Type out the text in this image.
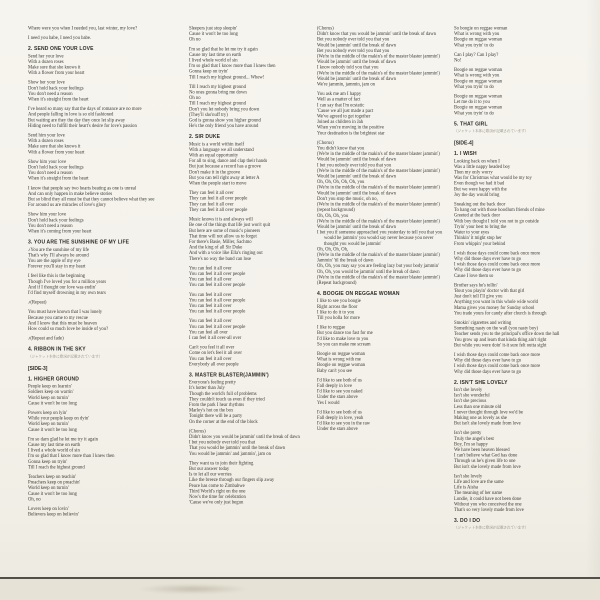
Where were you when I needed you, last winter, my love?
I need you babe, I need you babe.
2. SEND ONE YOUR LOVE
Send her your love
With a dozen roses
Make sure that she knows it
With a flower from your heart
Show her your love
Don't hold back your feelings
You don't need a reason
When it's straight from the heart
I've heard so many say that the days of romance are no more
And people falling in love is so old fashioned
But waiting are they the day they once let slip away
Hiding need to fulfill their heart's desire for love's passion
Send him your love
With a dozen roses
Make sure that she knows it
With a flower from your heart
Show him your love
Don't hold back your feelings
You don't need a reason
When it's straight from the heart
I know that people say two hearts beating as one is unreal
And can only happen in make believe stories
But so blind they all must be that they cannot believe what they see
For around us are miracles of love's glory
Show him your love
Don't hold back your feelings
You don't need a reason
When it's coming from your heart
3. YOU ARE THE SUNSHINE OF MY LIFE
♪You are the sunshine of my life
That's why I'll always be around
You are the apple of my eye
Forever you'll stay in my heart
I feel like this is the beginning
Though I've loved you for a million years
And if I thought our love was endin'
I'd find myself drowning in my own tears
♪(Repeat)
You must have known that I was lonely
Because you came to my rescue
And I know that this must be heaven
How could so much love be inside of you?
♪(Repeat and fade)
4. RIBBON IN THE SKY
（ジャケット本体に歌詞が記載されています）
[SIDE-3]
1. HIGHER GROUND
People keep on learnin'
Soldiers keep on warrin'
World keep on turnin'
Cause it won't be too long
Powers keep on lyin'
While your people keep on dyin'
World keep on turnin'
Cause it won't be too long
I'm so darn glad he let me try it again
Cause my last time on earth
I lived a whole world of sin
I'm so glad that I know more than I knew then
Gonna keep on tryin'
Till I reach the highest ground
Teachers keep on teachin'
Preachers keep on preachin'
World keep on turnin'
Cause it won't be too long
Oh, no
Lovers keep on lovin'
Believers keep on believin'
Sleepers just stop sleepin'
Cause it won't be too long
Oh no
I'm so glad that he let me try it again
Cause my last time on earth
I lived whole world of sin
I'm so glad that I know more than I knew then
Gonna keep on tryin'
Till I reach my highest ground... Whew!
Till I reach my highest ground
No ones gonna bring me down
Oh no
Till I reach my highest ground
Don't you let nobody bring you down
(They'll sho'nuff try)
God is gonna show you higher ground
He's the only friend you have around
2. SIR DUKE
Music is a world within itself
With a language we all understand
With an equal opportunity
For all to sing, dance and clap their hands
But just because a record has a groove
Don't make it in the groove
But you can tell right away at letter A
When the people start to move
They can feel it all over
They can feel it all over people
They can feel it all over
They can feel it all over people
Music knows it is and always will
Be one of the things that life just won't quit
But here are some of music's pioneers
That time will not allow us to forget
For there's Basie, Miller, Sachmo
And the king of all Sir Duke
And with a voice like Ella's ringing out
There's no way the band can lose
You can feel it all over
You can feel it all over people
You can feel it all over
You can feel it all over people
You can feel it all over
You can feel it all over people
You can feel it all over
You can feel it all over people
You can feel it all over
You can feel it all over people
You can feel all over
I can feel it all over-all over
Can't you feel it all over
Come on let's feel it all over
You can feel it all over
Everybody all over people
3. MASTER BLASTER(JAMMIN')
Everyone's feeling pretty
It's hotter than July
Though the world's full of problems
They couldn't touch us even if they tried
From the park I hear rhythms
Marley's hot on the box
Tonight there will be a party
On the corner at the end of the block
(Chorus)
Didn't know you would be jammin' until the break of dawn
I bet you nobody ever told you that
That you would be jammin' until the break of dawn
You would be jammin' and jammin', jam on
They want us to join their fighting
But our answer today
Is to let all our worries
Like the breeze through our fingers slip away
Peace has come to Zimbabwe
Third World's right on the one
Now's the time for celebration
'Cause we've only just begun
(Chorus)
Didn't know that you would be jammin' until the break of dawn
Bet you nobody ever told you that you
Would be jammin' until the break of dawn
Bet you nobody ever told you that you
(We're in the middle of the makin's of the master blaster jammin')
Would be jammin' until the break of dawn
I know nobody told you that you
(We're in the middle of the makin's of the master blaster jammin')
Would be jammin' until the break of dawn
We're jammin, jammin, jam on
You ask me am I happy
Well as a matter of fact
I can say that I'm ecstatic
'Cause we all just made a pact
We've agreed to get together
Joined as children in Jah
When you're moving in the positive
Your destination is the brightest star
(Chorus)
You didn't know that you
(We're in the middle of the makin's of the master blaster jammin')
Would be jammin' until the break of dawn
I bet you nobody ever told you that you
(We're in the middle of the makin's of the master blaster jammin')
Would be jammin' until the break of dawn
Oh, Oh, Oh, Oh, Oh, you
(We're in the middle of the makin's of the master blaster jammin')
Would be jammin' until the break of dawn
Don't you stop the music, oh no,
(We're in the middle of the makin's of the master blaster jammin')
(repeat background)
Oh, Oh, Oh, you
(We're in the middle of the makin's of the master blaster jammin')
Would be jammin' until the break of dawn
I bet you if someone approached you yesterday to tell you that you would be jammin' you would say never because you never thought you would be jammin'
Oh, Oh, Oh, Oh,
(We're in the middle of the makin's of the master blaster jammin')
Jammin' 'til the break of dawn
Oh, Oh, you may say you are feeling lazy but your body jammin'
Oh, Oh, you would be jammin' until the break of dawn
(We're in the middle of the makin's of the master blaster jammin')
(Repeat background)
4. BOOGIE ON REGGAE WOMAN
I like to see you boogie
Right across the floor
I like to do it to you
Till you holla for more
I like to reggae
But you dance too fast for me
I'd like to make love to you
So you can make me scream
Boogie on reggae woman
What is wrong with me
Boogie on reggae woman
Baby can't you see
I'd like to see both of us
Fall deeply in love
I'd like to see you naked
Under the stars above
Yes I would
I'd like to see both of us
Fall deeply in love, yeah
I'd like to see you in the raw
Under the stars above
So boogie on reggae woman
What is wrong with you
Boogie on reggae woman
What you tryin' to do
Can I play? Can I play?
No!
Boogie on reggae woman
What is wrong with you
Boogie on reggae woman
What you tryin' to do
Boogie on reggae woman
Let me do it to you
Boogie on reggae woman
What you tryin' to do
5. THAT GIRL
（ジャケット本体に歌詞が記載されています）
[SIDE-4]
1. I WISH
Looking back on when I
Was a little nappy headed boy
Then my only worry
Was for Christmas what would be my toy
Even though we had it bad
But we were happy with the
Joy the day would bring
Sneaking out the back door
To hang out with those hoodlum friends of mine
Greeted at the back door
With boy thought I told you not to go outside
Tryin' your best to bring the
Water to your eyes
Thinkin' it might stop her
From whippin' your behind
I wish those days could come back once more
Why did those days ever have to go
I wish those days could come back once more
Why did those days ever have to go
Cause I love them so
Brother says he's tellin'
'Bout you playin' doctor with that girl
Just don't tell I'll give you
Anything you want in this whole wide world
Mama gives you money for Sunday school
You trade yours for candy after church is through
Smokin' cigarettes and writing
Something nasty on the wall (you nasty boy)
Teacher sends you to the principal's office down the hall
You grow up and learn that kinda thing ain't right
But while you were doin' it-it sure felt outta sight
I wish those days could come back once more
Why did those days ever have to go
I wish those days could come back once more
Why did those days ever have to go
2. ISN'T SHE LOVELY
Isn't she lovely
Isn't she wonderful
Isn't she precious
Less than one minute old
I never thought through love we'd be
Making one as lovely as she
But isn't she lovely made from love
Isn't she pretty
Truly the angel's best
Boy, I'm so happy
We have been heaven blessed
I can't believe what God has done
Through us he's given life to one
But isn't she lovely made from love
Isn't she lovely
Life and love are the same
Life is Aisha
The meaning of her name
Londie, it could have not been done
Without you who conceived the one
That's so very lovely made from love
3. DO I DO
（ジャケット本体に歌詞が記載されています）
